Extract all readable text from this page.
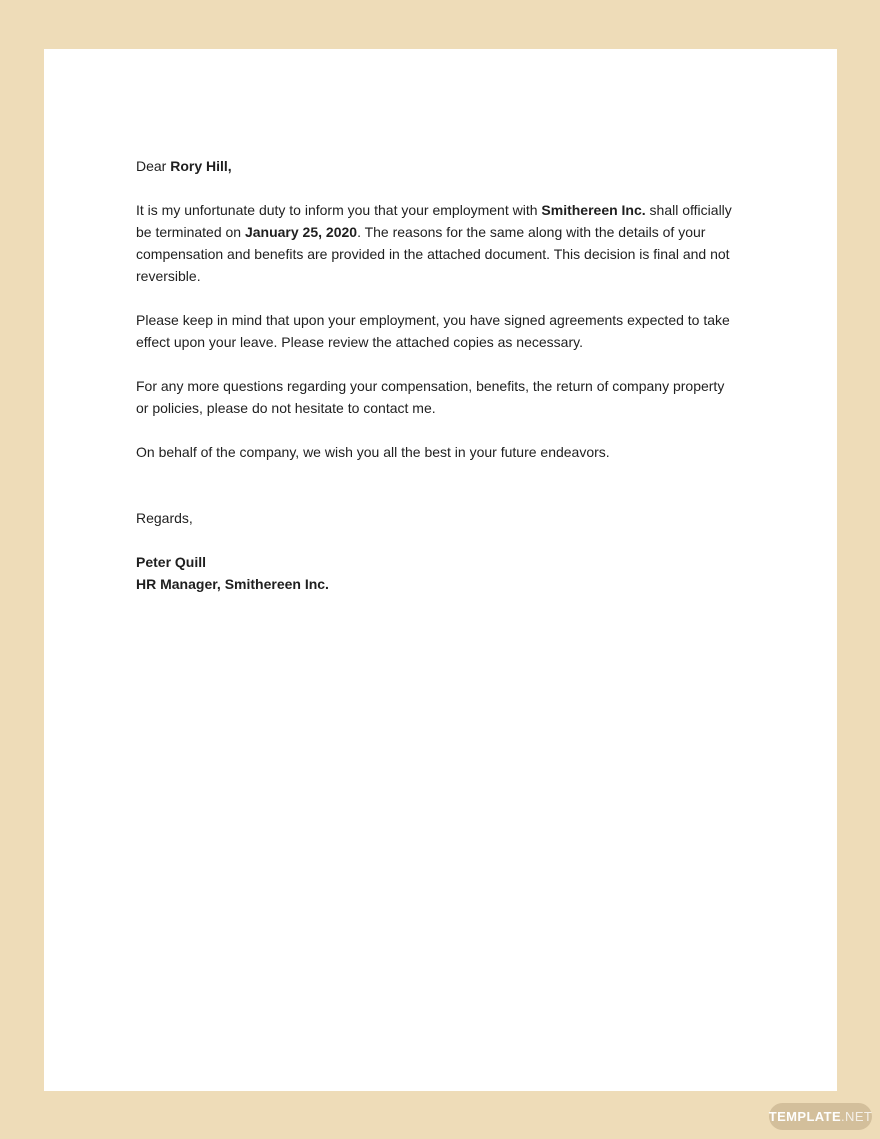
Dear Rory Hill,

It is my unfortunate duty to inform you that your employment with Smithereen Inc. shall officially be terminated on January 25, 2020. The reasons for the same along with the details of your compensation and benefits are provided in the attached document. This decision is final and not reversible.

Please keep in mind that upon your employment, you have signed agreements expected to take effect upon your leave. Please review the attached copies as necessary.

For any more questions regarding your compensation, benefits, the return of company property or policies, please do not hesitate to contact me.

On behalf of the company, we wish you all the best in your future endeavors.

Regards,

Peter Quill
HR Manager, Smithereen Inc.
TEMPLATE .NET
